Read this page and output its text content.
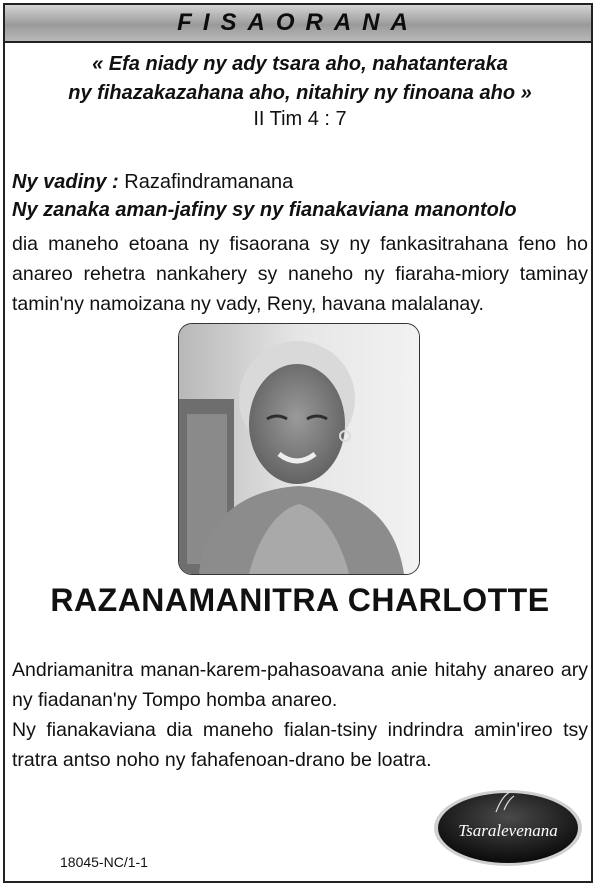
FISAORANA
« Efa niady ny ady tsara aho, nahatanteraka
ny fihazakazahana aho, nitahiry ny finoana aho »
II Tim 4 : 7
Ny vadiny : Razafindramanana
Ny zanaka aman-jafiny sy ny fianakaviana manontolo
dia maneho etoana ny fisaorana sy ny fankasitrahana feno ho anareo rehetra nankahery sy naneho ny fiaraha-miory taminay tamin'ny namoizana ny vady, Reny, havana malalanay.
RAZANAMANITRA CHARLOTTE
Andriamanitra manan-karem-pahasoavana anie hitahy anareo ary ny fiadanan'ny Tompo homba anareo.
Ny fianakaviana dia maneho fialan-tsiny indrindra amin'ireo tsy tratra antso noho ny fahafenoan-drano be loatra.
Tsaralevenana
18045-NC/1-1
